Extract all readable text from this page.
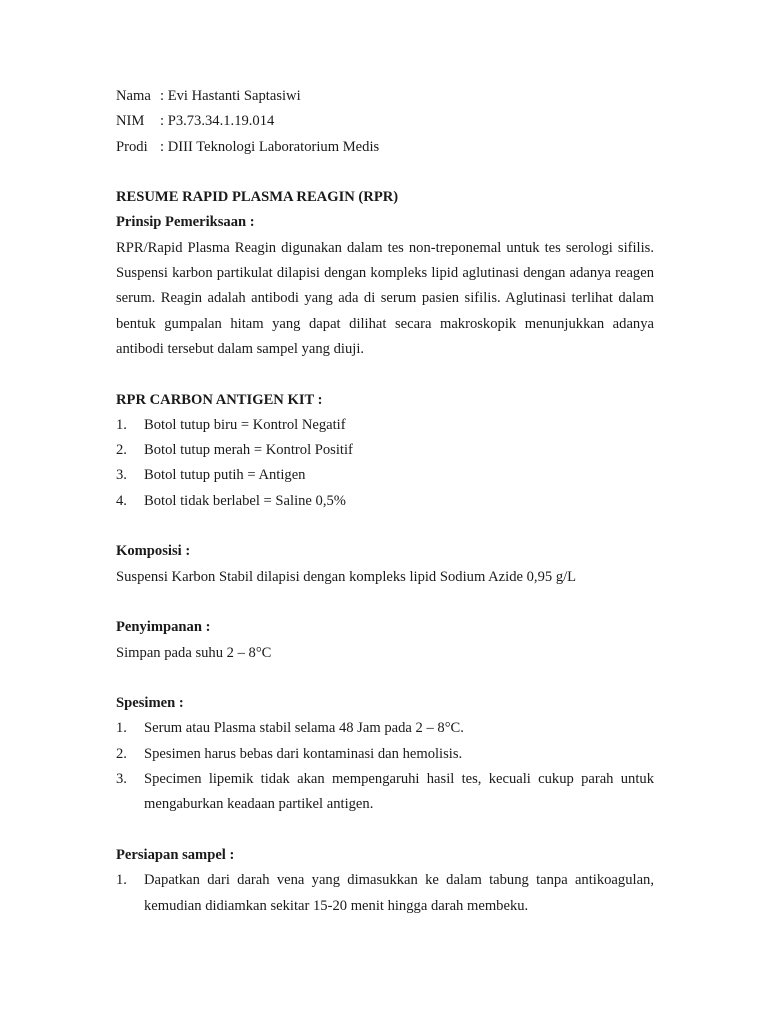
Nama : Evi Hastanti Saptasiwi
NIM	: P3.73.34.1.19.014
Prodi : DIII Teknologi Laboratorium Medis
RESUME RAPID PLASMA REAGIN (RPR)
Prinsip Pemeriksaan :
RPR/Rapid Plasma Reagin digunakan dalam tes non-treponemal untuk tes serologi sifilis. Suspensi karbon partikulat dilapisi dengan kompleks lipid aglutinasi dengan adanya reagen serum. Reagin adalah antibodi yang ada di serum pasien sifilis. Aglutinasi terlihat dalam bentuk gumpalan hitam yang dapat dilihat secara makroskopik menunjukkan adanya antibodi tersebut dalam sampel yang diuji.
RPR CARBON ANTIGEN KIT :
1.	Botol tutup biru = Kontrol Negatif
2.	Botol tutup merah = Kontrol Positif
3.	Botol tutup putih = Antigen
4.	Botol tidak berlabel = Saline 0,5%
Komposisi :
Suspensi Karbon Stabil dilapisi dengan kompleks lipid Sodium Azide 0,95 g/L
Penyimpanan :
Simpan pada suhu 2 – 8°C
Spesimen :
1.	Serum atau Plasma stabil selama 48 Jam pada 2 – 8°C.
2.	Spesimen harus bebas dari kontaminasi dan hemolisis.
3.	Specimen lipemik tidak akan mempengaruhi hasil tes, kecuali cukup parah untuk mengaburkan keadaan partikel antigen.
Persiapan sampel :
1.	Dapatkan dari darah vena yang dimasukkan ke dalam tabung tanpa antikoagulan, kemudian didiamkan sekitar 15-20 menit hingga darah membeku.
